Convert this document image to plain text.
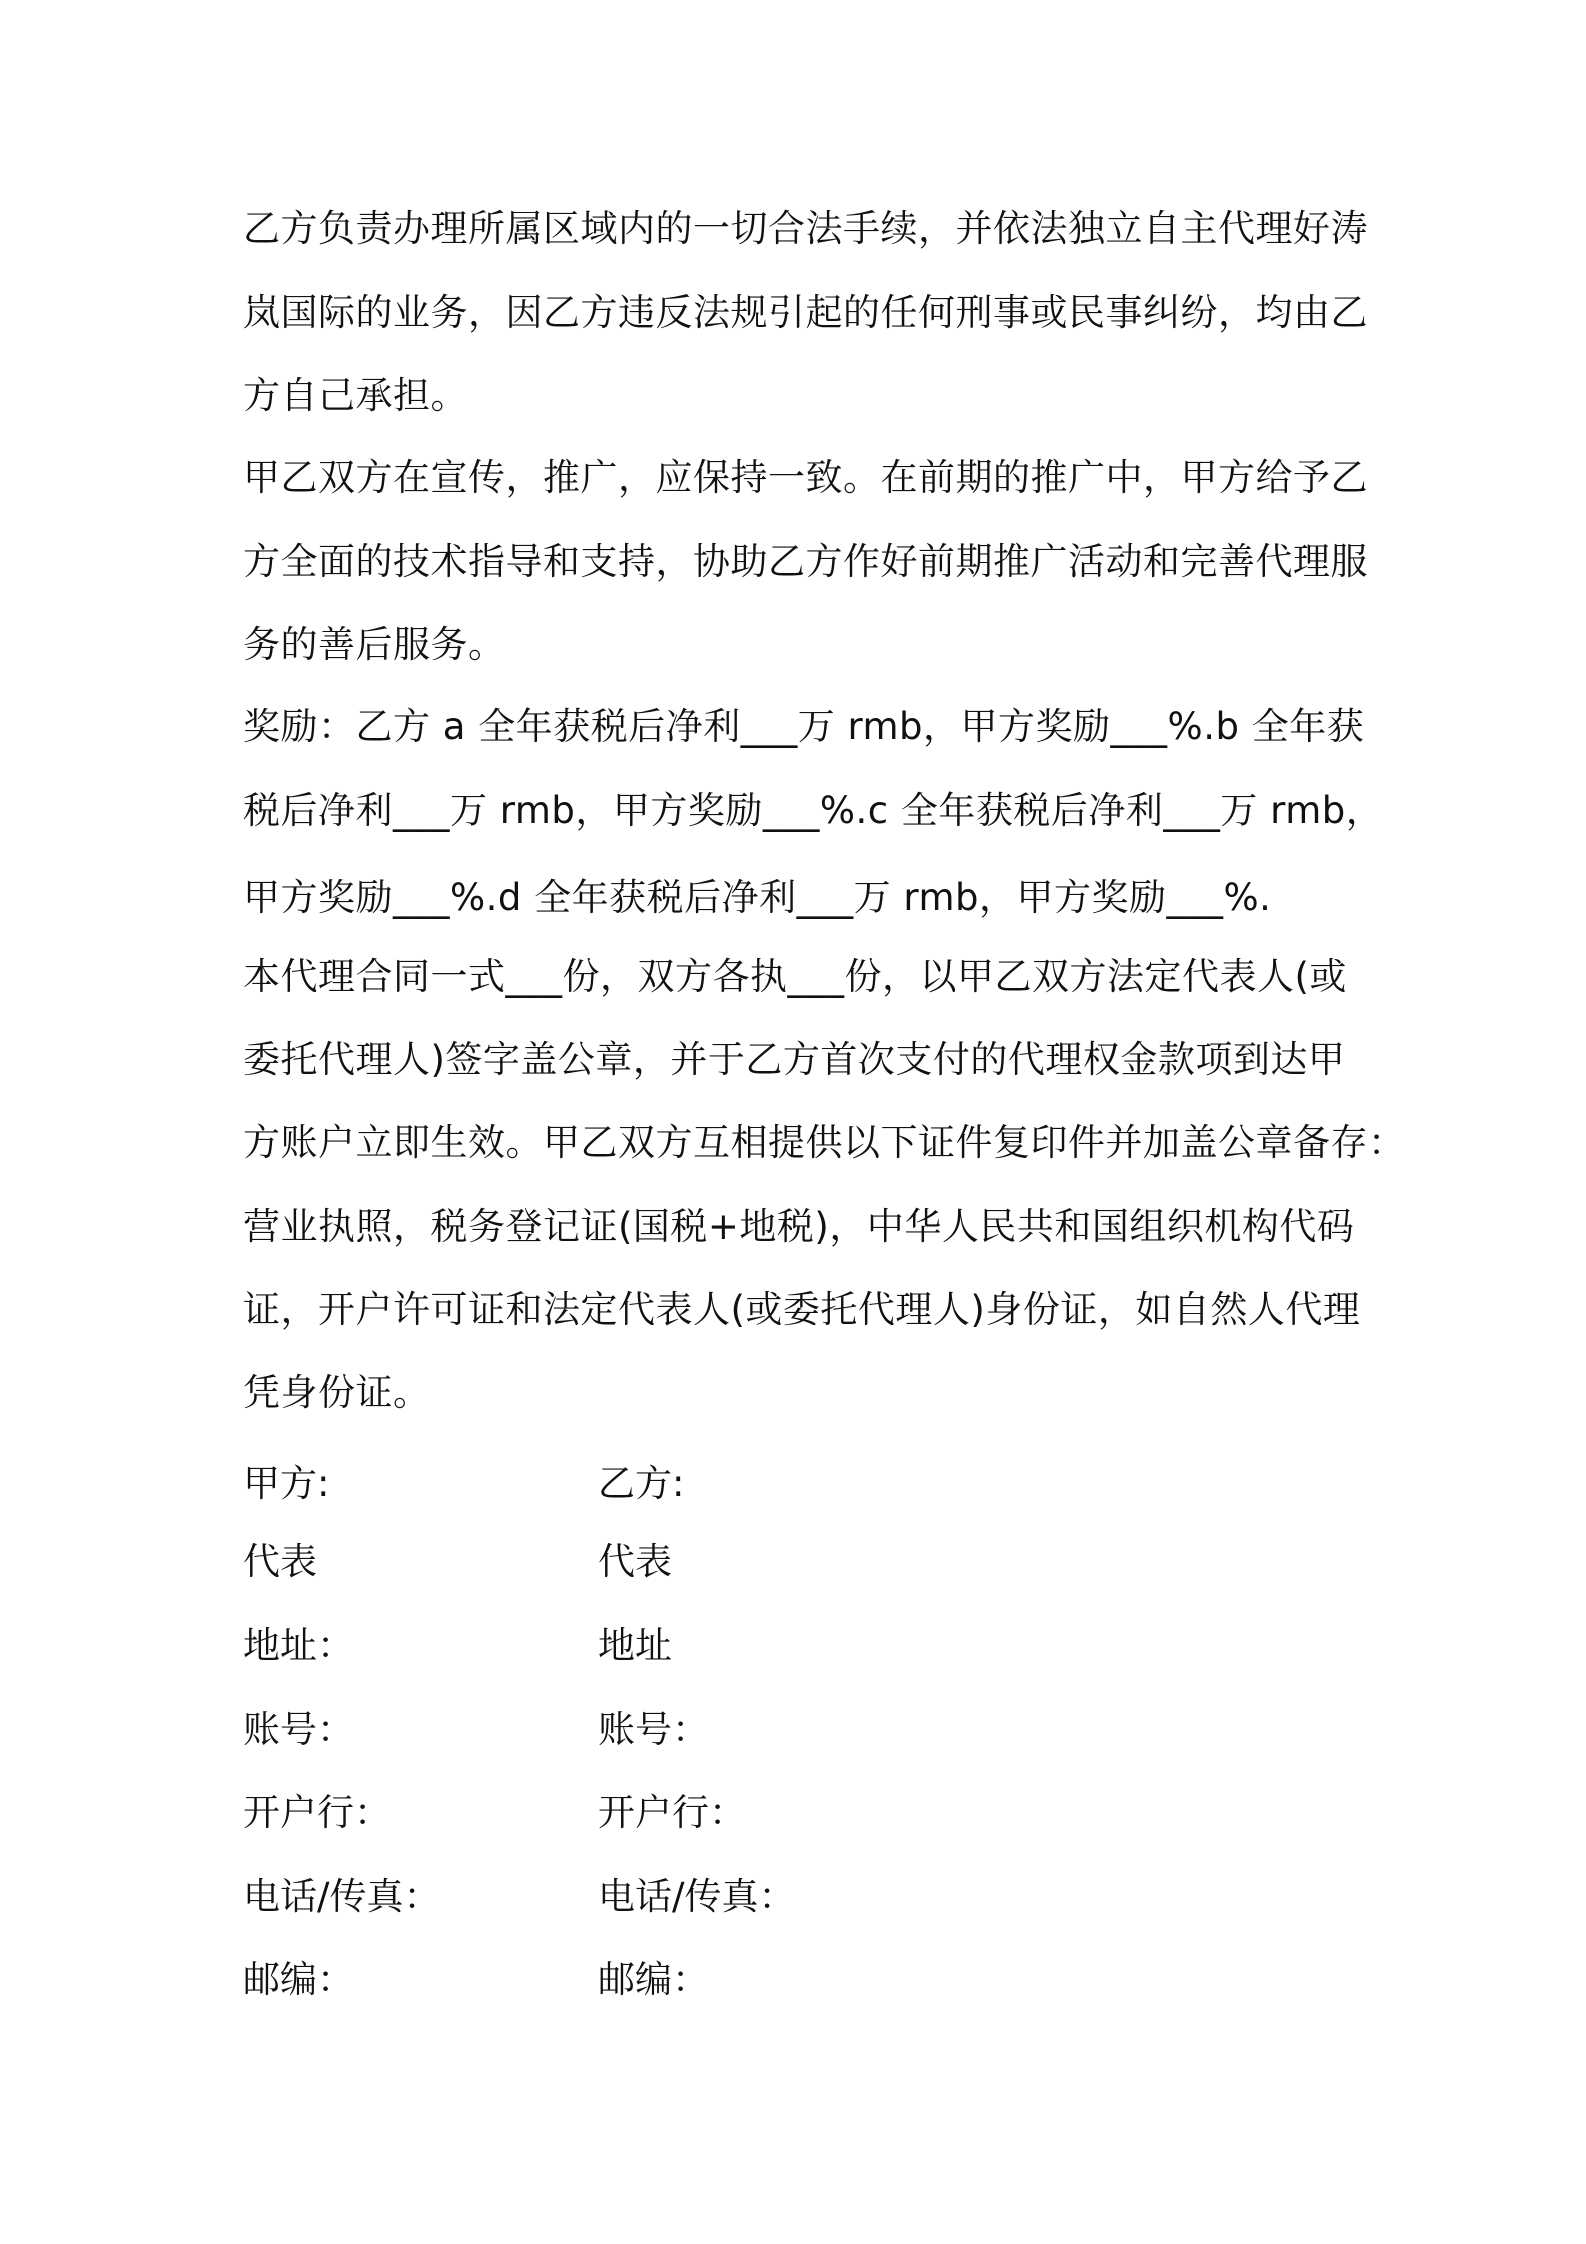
乙方负责办理所属区域内的一切合法手续，并依法独立自主代理好涛
岚国际的业务，因乙方违反法规引起的任何刑事或民事纠纷，均由乙
方自己承担。
甲乙双方在宣传，推广，应保持一致。在前期的推广中，甲方给予乙
方全面的技术指导和支持，协助乙方作好前期推广活动和完善代理服
务的善后服务。
奖励：乙方 a 全年获税后净利___万 rmb，甲方奖励___%.b 全年获
税后净利___万 rmb，甲方奖励___%.c 全年获税后净利___万 rmb，
甲方奖励___%.d 全年获税后净利___万 rmb，甲方奖励___%.
本代理合同一式___份，双方各执___份，以甲乙双方法定代表人(或
委托代理人)签字盖公章，并于乙方首次支付的代理权金款项到达甲
方账户立即生效。甲乙双方互相提供以下证件复印件并加盖公章备存：
营业执照，税务登记证(国税+地税)，中华人民共和国组织机构代码
证，开户许可证和法定代表人(或委托代理人)身份证，如自然人代理
凭身份证。
甲方:
代表
地址：
账号：
开户行：
电话/传真：
邮编：
乙方:
代表
地址
账号：
开户行：
电话/传真：
邮编：
